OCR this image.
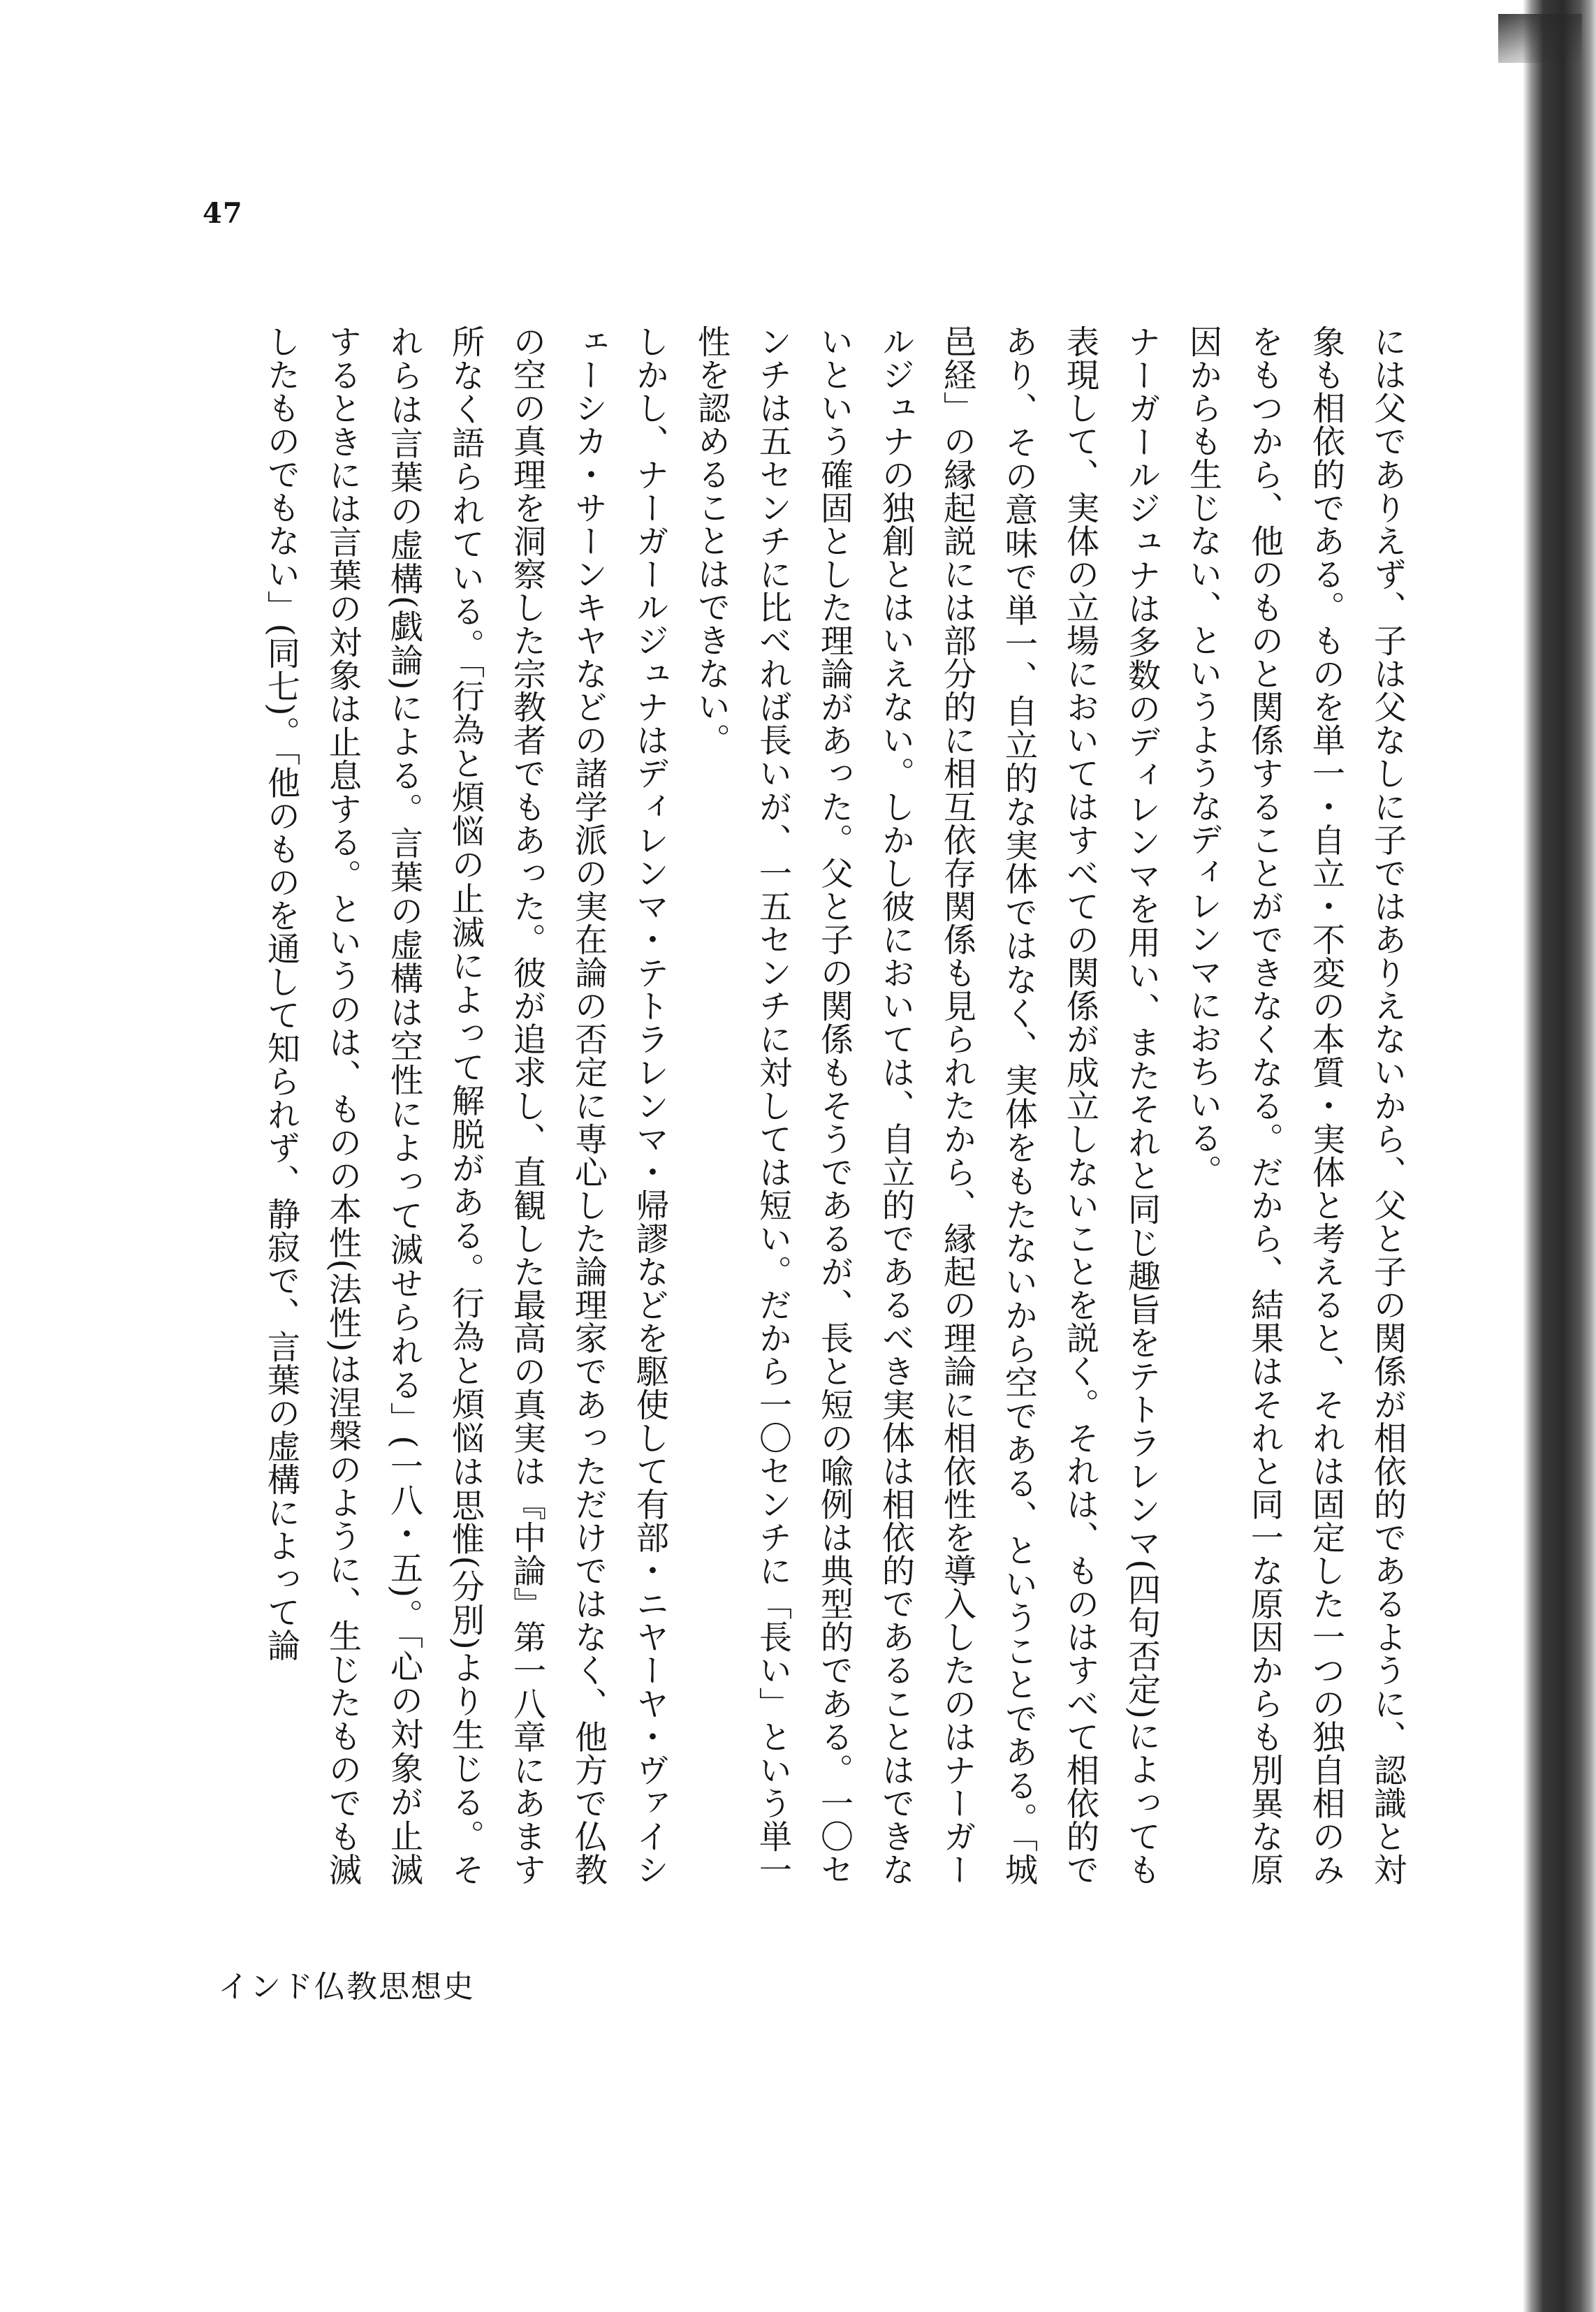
47

には父でありえず、子は父なしに子ではありえないから、父と子の関係が相依的であるように、認識と対象も相依的である。ものを単一・自立・不変の本質・実体と考えると、それは固定した一つの独自相のみをもつから、他のものと関係することができなくなる。だから、結果はそれと同一な原因からも別異な原因からも生じない、というようなディレンマにおちいる。

ナーガールジュナは多数のディレンマを用い、またそれと同じ趣旨をテトラレンマ(四句否定)によっても表現して、実体の立場においてはすべての関係が成立しないことを説く。それは、ものはすべて相依的であり、その意味で単一、自立的な実体ではなく、実体をもたないから空である、ということである。「城邑経」の縁起説には部分的に相互依存関係も見られたから、縁起の理論に相依性を導入したのはナーガールジュナの独創とはいえない。しかし彼においては、自立的であるべき実体は相依的であることはできないという確固とした理論があった。父と子の関係もそうであるが、長と短の喩例は典型的である。一〇センチは五センチに比べれば長いが、一五センチに対しては短い。だから一〇センチに「長い」という単一性を認めることはできない。

しかし、ナーガールジュナはディレンマ・テトラレンマ・帰謬などを駆使して有部・ニヤーヤ・ヴァイシェーシカ・サーンキヤなどの諸学派の実在論の否定に専心した論理家であっただけではなく、他方で仏教の空の真理を洞察した宗教者でもあった。彼が追求し、直観した最高の真実は『中論』第一八章にあます所なく語られている。「行為と煩悩の止滅によって解脱がある。行為と煩悩は思惟(分別)より生じる。それらは言葉の虚構(戯論)による。言葉の虚構は空性によって滅せられる」(一八・五)。「心の対象が止滅するときには言葉の対象は止息する。というのは、ものの本性(法性)は涅槃のように、生じたものでも滅したものでもない」(同七)。「他のものを通して知られず、静寂で、言葉の虚構によって論

インド仏教思想史
